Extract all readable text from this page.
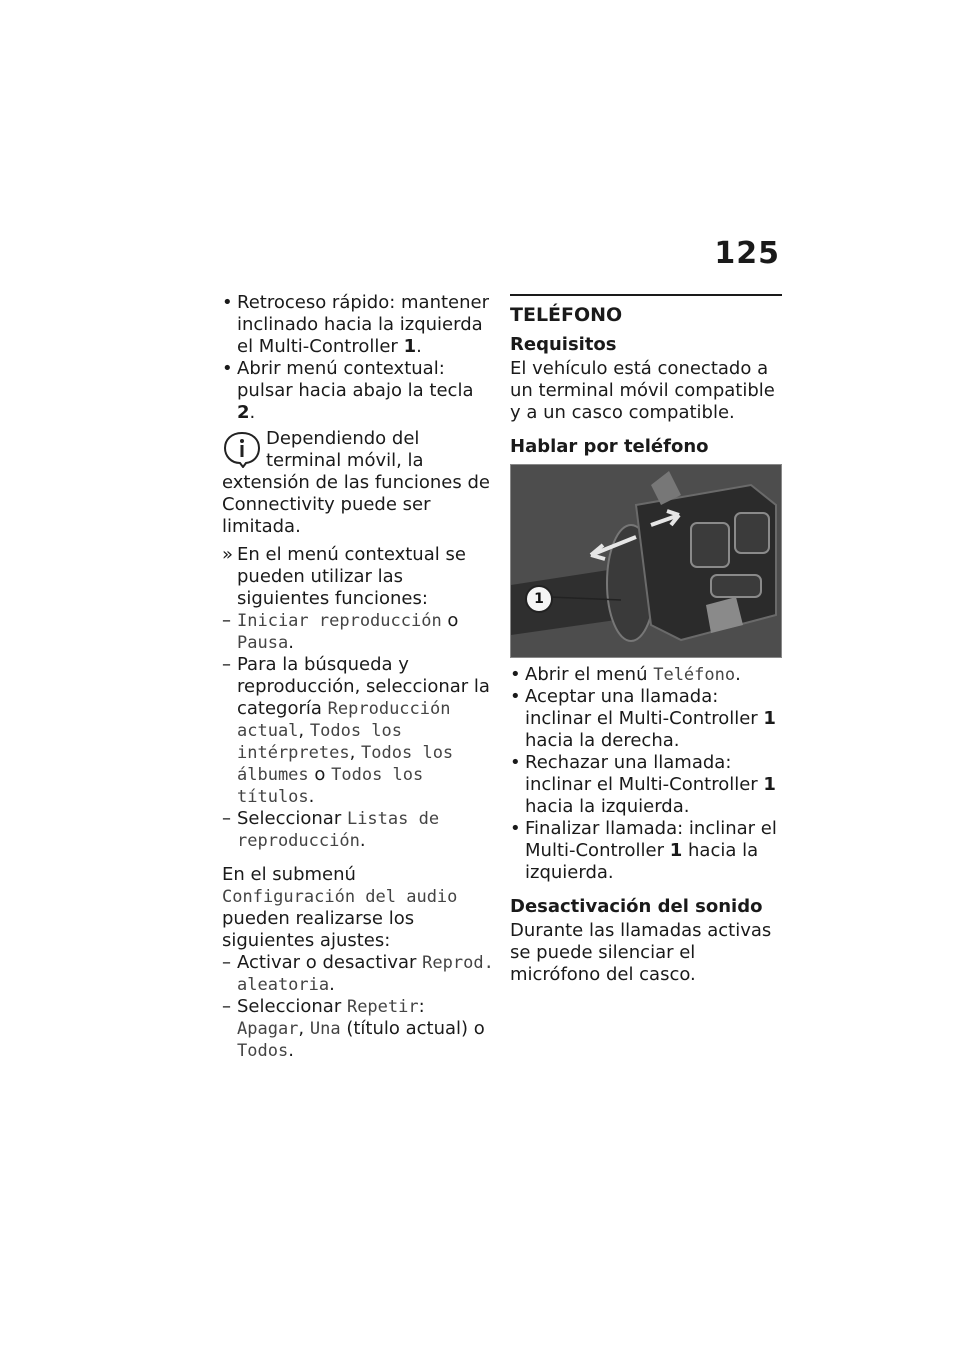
125
• Retroceso rápido: mantener inclinado hacia la izquierda el Multi-Controller 1.
• Abrir menú contextual: pulsar hacia abajo la tecla 2.

Dependiendo del terminal móvil, la extensión de las funciones de Connectivity puede ser limitada.

» En el menú contextual se pueden utilizar las siguientes funciones:
– Iniciar reproducción o Pausa.
– Para la búsqueda y reproducción, seleccionar la categoría Reproducción actual, Todos los intérpretes, Todos los álbumes o Todos los títulos.
– Seleccionar Listas de reproducción.

En el submenú Configuración del audio pueden realizarse los siguientes ajustes:

– Activar o desactivar Reprod. aleatoria.
– Seleccionar Repetir: Apagar, Una (título actual) o Todos.
TELÉFONO
Requisitos

El vehículo está conectado a un terminal móvil compatible y a un casco compatible.

Hablar por teléfono
1
• Abrir el menú Teléfono.
• Aceptar una llamada: inclinar el Multi-Controller 1 hacia la derecha.
• Rechazar una llamada: inclinar el Multi-Controller 1 hacia la izquierda.
• Finalizar llamada: inclinar el Multi-Controller 1 hacia la izquierda.
Desactivación del sonido

Durante las llamadas activas se puede silenciar el micrófono del casco.
